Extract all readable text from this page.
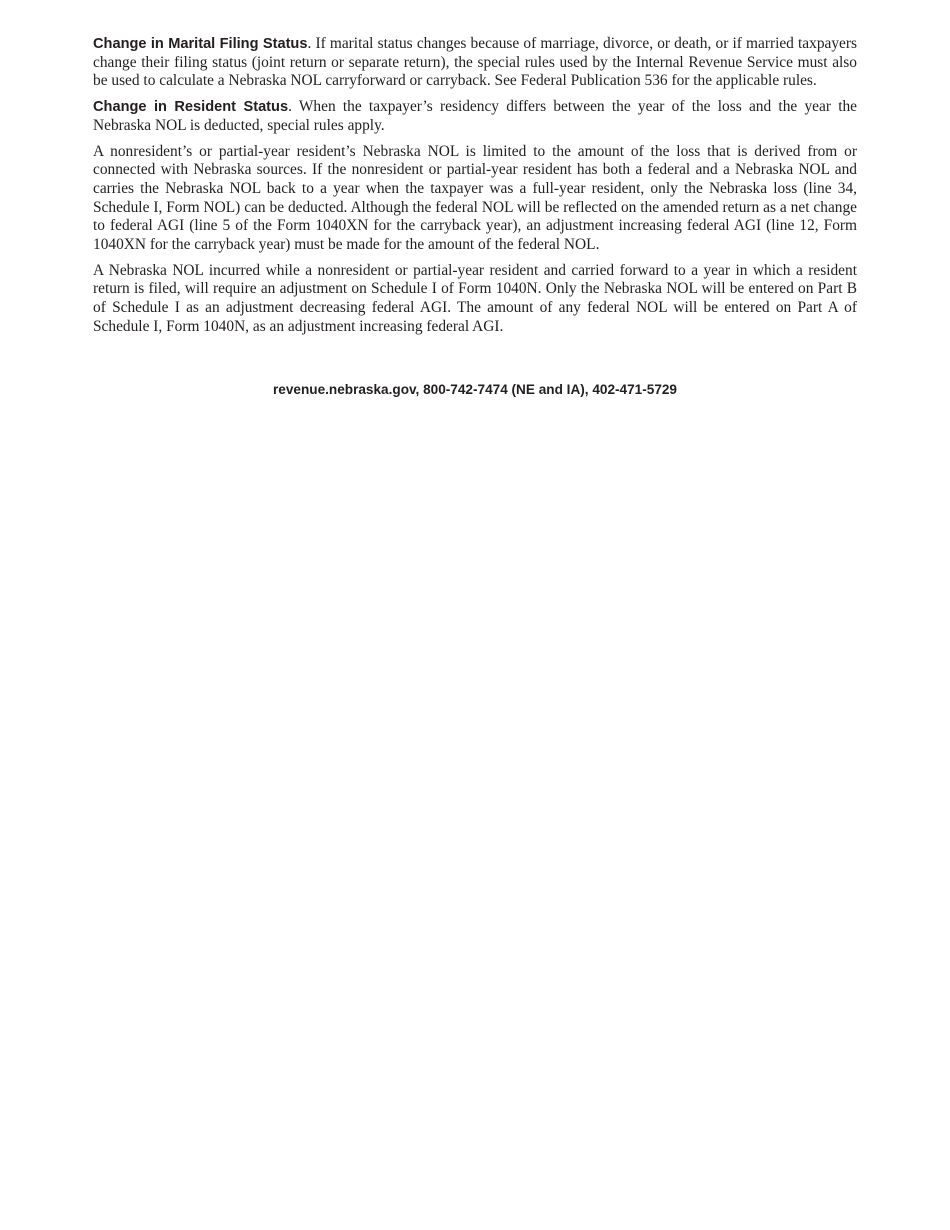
Change in Marital Filing Status. If marital status changes because of marriage, divorce, or death, or if married taxpayers change their filing status (joint return or separate return), the special rules used by the Internal Revenue Service must also be used to calculate a Nebraska NOL carryforward or carryback. See Federal Publication 536 for the applicable rules.

Change in Resident Status. When the taxpayer’s residency differs between the year of the loss and the year the Nebraska NOL is deducted, special rules apply.

A nonresident’s or partial-year resident’s Nebraska NOL is limited to the amount of the loss that is derived from or connected with Nebraska sources. If the nonresident or partial-year resident has both a federal and a Nebraska NOL and carries the Nebraska NOL back to a year when the taxpayer was a full-year resident, only the Nebraska loss (line 34, Schedule I, Form NOL) can be deducted. Although the federal NOL will be reflected on the amended return as a net change to federal AGI (line 5 of the Form 1040XN for the carryback year), an adjustment increasing federal AGI (line 12, Form 1040XN for the carryback year) must be made for the amount of the federal NOL.

A Nebraska NOL incurred while a nonresident or partial-year resident and carried forward to a year in which a resident return is filed, will require an adjustment on Schedule I of Form 1040N. Only the Nebraska NOL will be entered on Part B of Schedule I as an adjustment decreasing federal AGI. The amount of any federal NOL will be entered on Part A of Schedule I, Form 1040N, as an adjustment increasing federal AGI.

revenue.nebraska.gov, 800-742-7474 (NE and IA), 402-471-5729
